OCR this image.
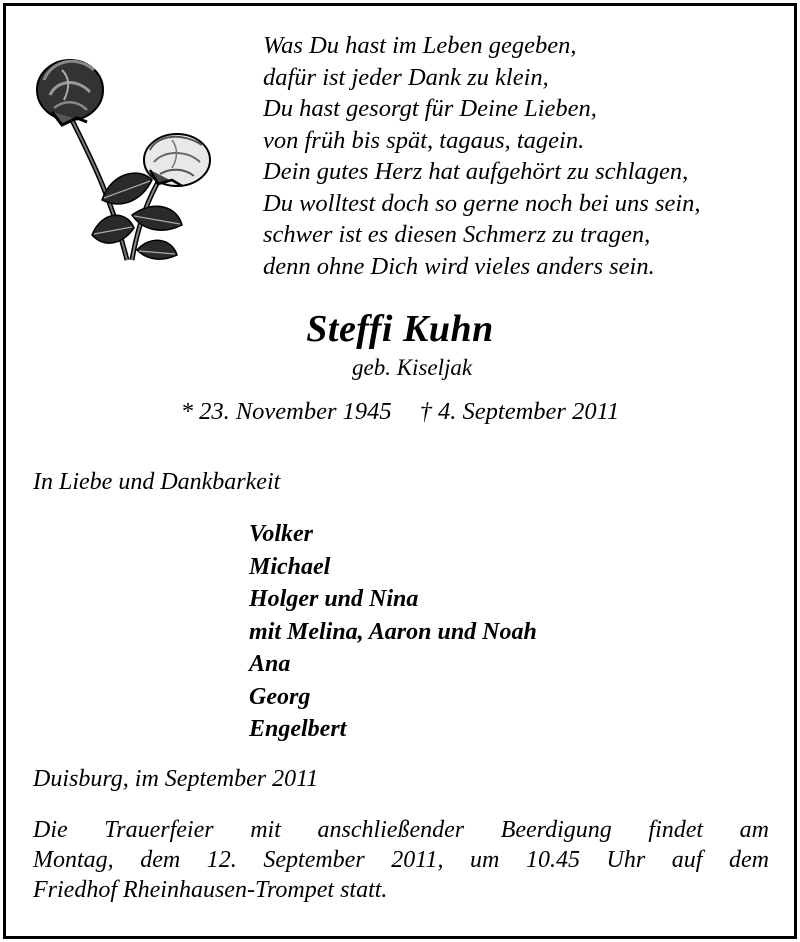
Was Du hast im Leben gegeben,
dafür ist jeder Dank zu klein,
Du hast gesorgt für Deine Lieben,
von früh bis spät, tagaus, tagein.
Dein gutes Herz hat aufgehört zu schlagen,
Du wolltest doch so gerne noch bei uns sein,
schwer ist es diesen Schmerz zu tragen,
denn ohne Dich wird vieles anders sein.
Steffi Kuhn
geb. Kiseljak
* 23. November 1945 † 4. September 2011
In Liebe und Dankbarkeit
Volker
Michael
Holger und Nina
mit Melina, Aaron und Noah
Ana
Georg
Engelbert
Duisburg, im September 2011
Die Trauerfeier mit anschließender Beerdigung findet am
Montag, dem 12. September 2011, um 10.45 Uhr auf dem
Friedhof Rheinhausen-Trompet statt.
